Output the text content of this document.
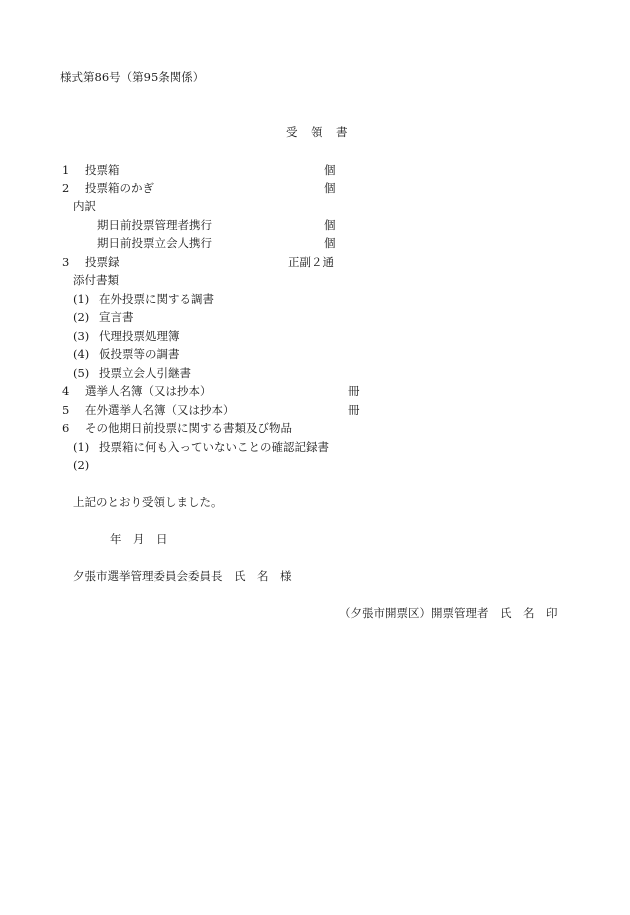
様式第86号（第95条関係）
受　領　書
1 投票箱	個
2 投票箱のかぎ	個
内訳
期日前投票管理者携行	個
期日前投票立会人携行	個
3 投票録	正副２通
添付書類
(1) 在外投票に関する調書
(2) 宣言書
(3) 代理投票処理簿
(4) 仮投票等の調書
(5) 投票立会人引継書
4 選挙人名簿（又は抄本）	冊
5 在外選挙人名簿（又は抄本）	冊
6 その他期日前投票に関する書類及び物品
(1) 投票箱に何も入っていないことの確認記録書
(2)
上記のとおり受領しました。
年　月　日
夕張市選挙管理委員会委員長　氏　名　様
（夕張市開票区）開票管理者　氏　名　印
